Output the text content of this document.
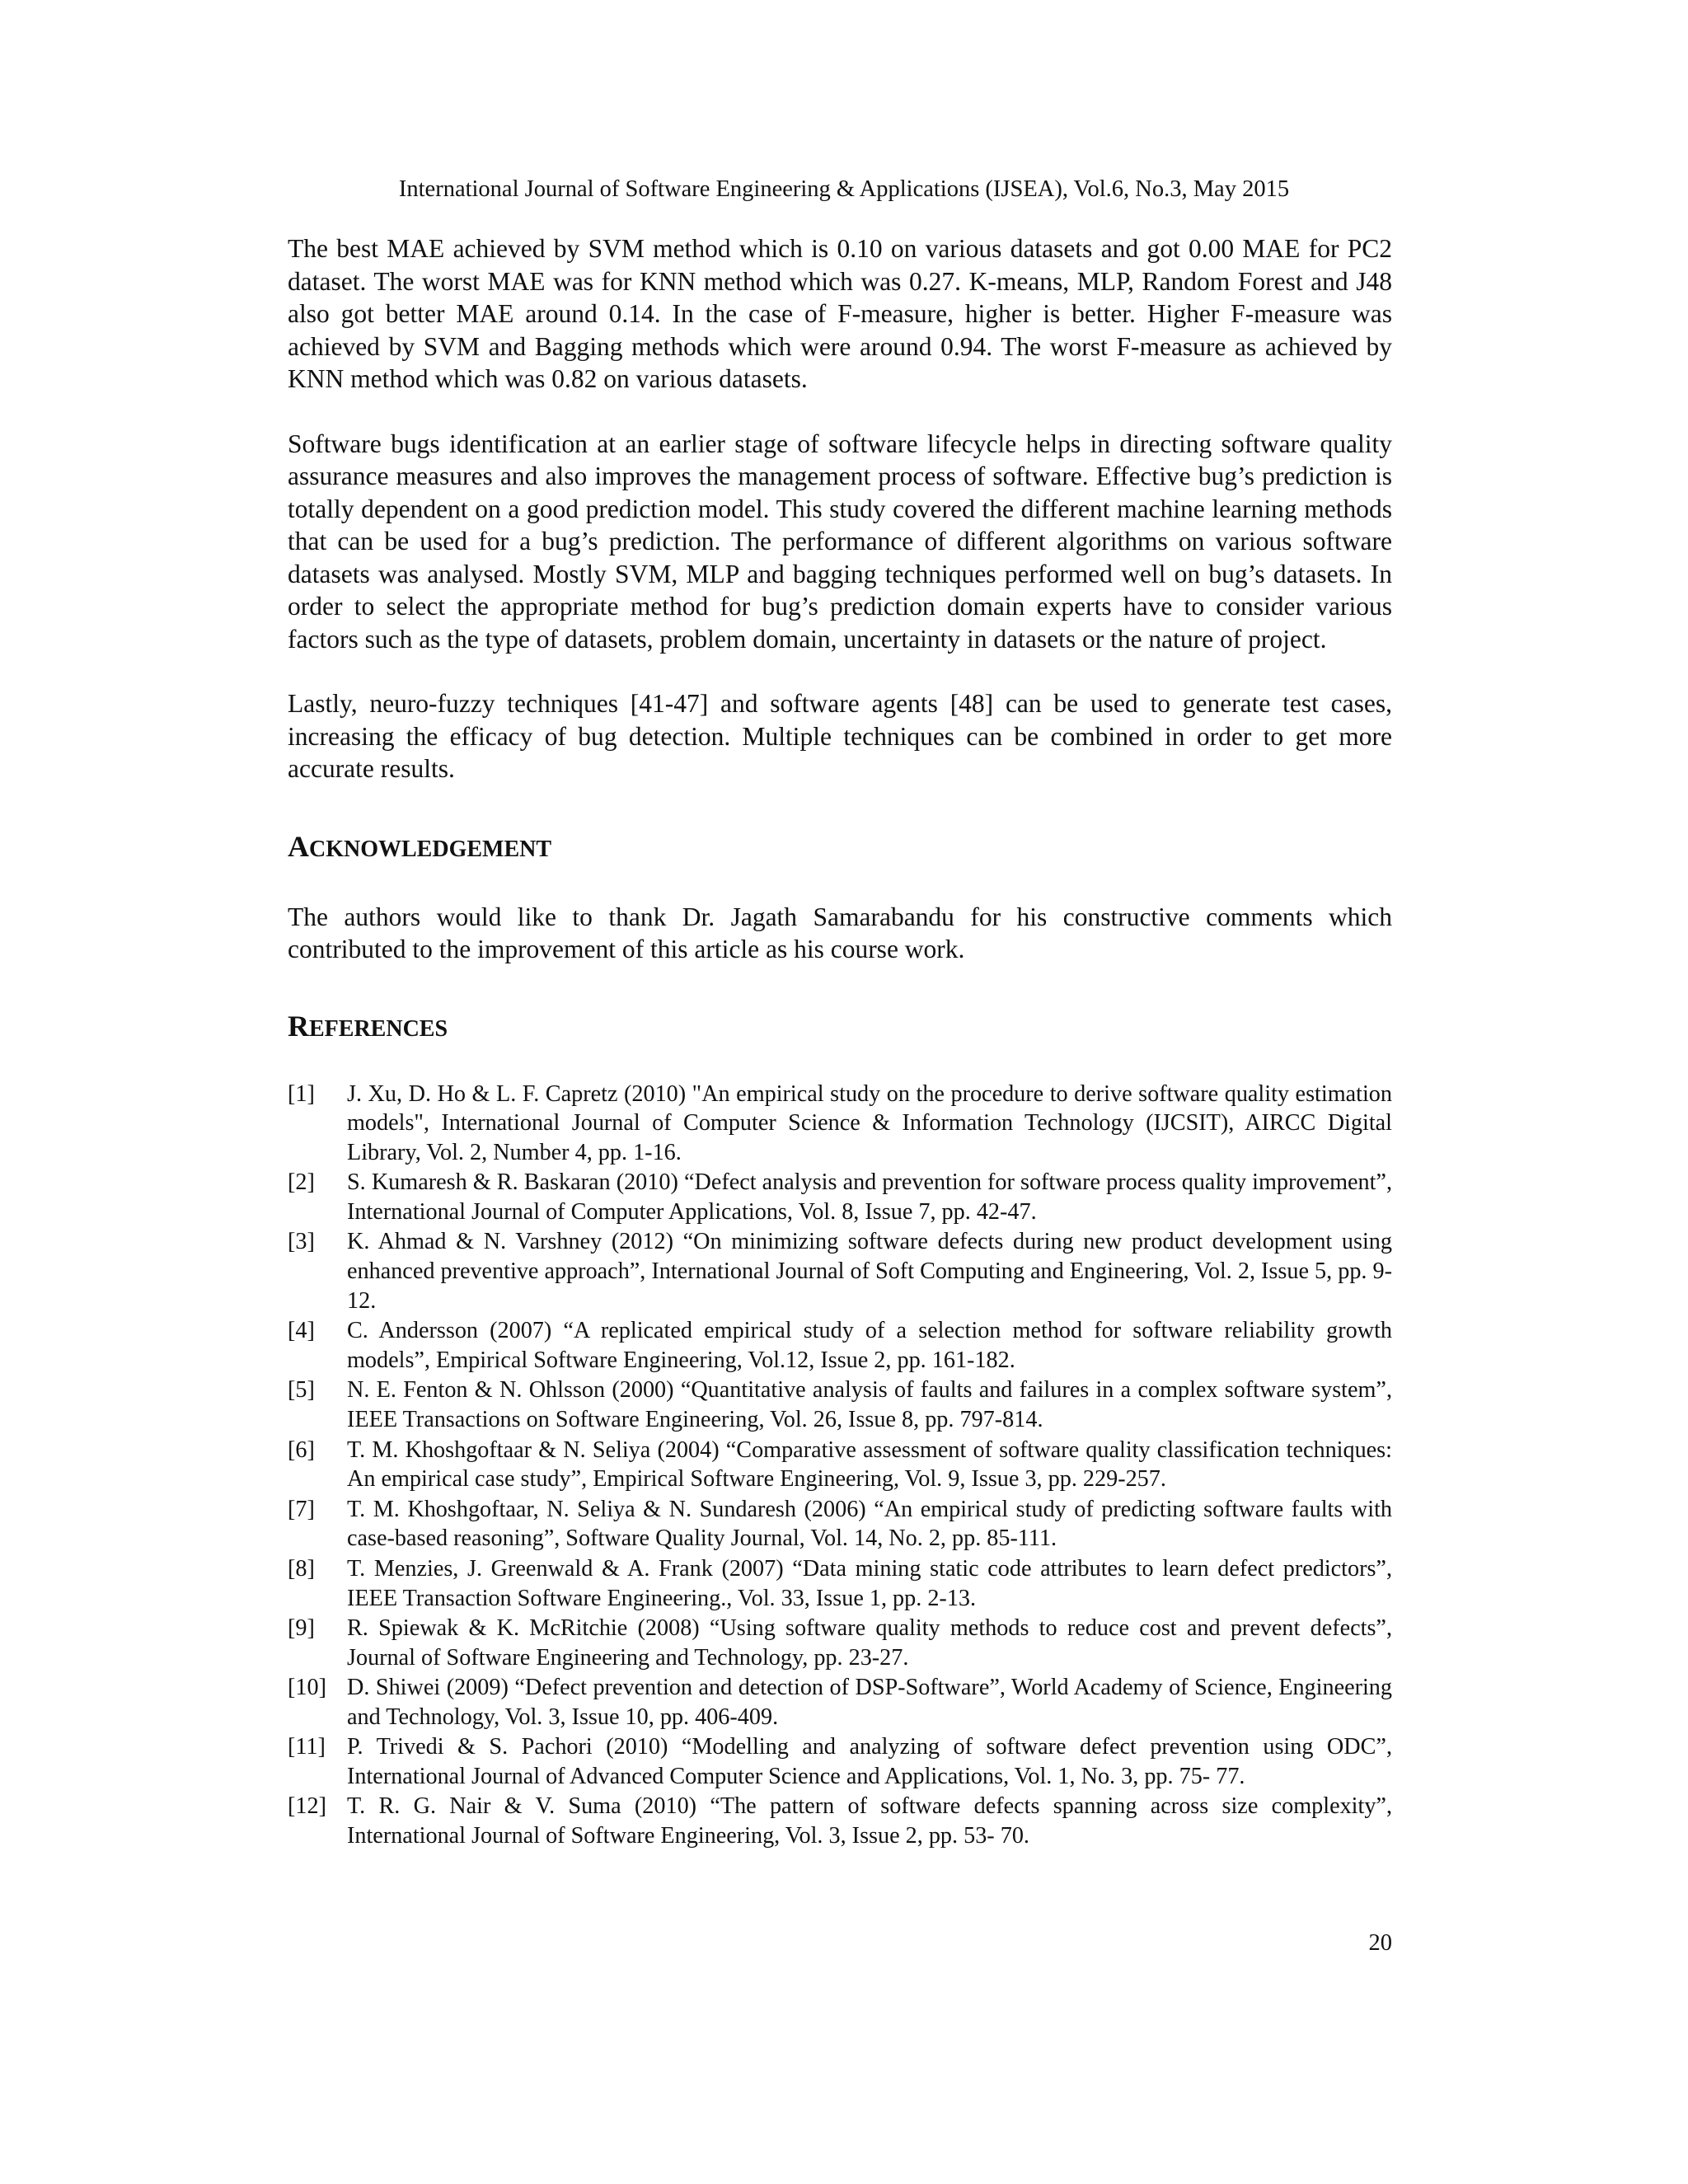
International Journal of Software Engineering & Applications (IJSEA), Vol.6, No.3, May 2015

The best MAE achieved by SVM method which is 0.10 on various datasets and got 0.00 MAE for PC2 dataset. The worst MAE was for KNN method which was 0.27. K-means, MLP, Random Forest and J48 also got better MAE around 0.14. In the case of F-measure, higher is better. Higher F-measure was achieved by SVM and Bagging methods which were around 0.94. The worst F-measure as achieved by KNN method which was 0.82 on various datasets.

Software bugs identification at an earlier stage of software lifecycle helps in directing software quality assurance measures and also improves the management process of software. Effective bug’s prediction is totally dependent on a good prediction model. This study covered the different machine learning methods that can be used for a bug’s prediction. The performance of different algorithms on various software datasets was analysed. Mostly SVM, MLP and bagging techniques performed well on bug’s datasets. In order to select the appropriate method for bug’s prediction domain experts have to consider various factors such as the type of datasets, problem domain, uncertainty in datasets or the nature of project.

Lastly, neuro-fuzzy techniques [41-47] and software agents [48] can be used to generate test cases, increasing the efficacy of bug detection. Multiple techniques can be combined in order to get more accurate results.

ACKNOWLEDGEMENT

The authors would like to thank Dr. Jagath Samarabandu for his constructive comments which contributed to the improvement of this article as his course work.

REFERENCES
[1] J. Xu, D. Ho & L. F. Capretz (2010) "An empirical study on the procedure to derive software quality estimation models", International Journal of Computer Science & Information Technology (IJCSIT), AIRCC Digital Library, Vol. 2, Number 4, pp. 1-16.
[2] S. Kumaresh & R. Baskaran (2010) “Defect analysis and prevention for software process quality improvement”, International Journal of Computer Applications, Vol. 8, Issue 7, pp. 42-47.
[3] K. Ahmad & N. Varshney (2012) “On minimizing software defects during new product development using enhanced preventive approach”, International Journal of Soft Computing and Engineering, Vol. 2, Issue 5, pp. 9-12.
[4] C. Andersson (2007) “A replicated empirical study of a selection method for software reliability growth models”, Empirical Software Engineering, Vol.12, Issue 2, pp. 161-182.
[5] N. E. Fenton & N. Ohlsson (2000) “Quantitative analysis of faults and failures in a complex software system”, IEEE Transactions on Software Engineering, Vol. 26, Issue 8, pp. 797-814.
[6] T. M. Khoshgoftaar & N. Seliya (2004) “Comparative assessment of software quality classification techniques: An empirical case study”, Empirical Software Engineering, Vol. 9, Issue 3, pp. 229-257.
[7] T. M. Khoshgoftaar, N. Seliya & N. Sundaresh (2006) “An empirical study of predicting software faults with case-based reasoning”, Software Quality Journal, Vol. 14, No. 2, pp. 85-111.
[8] T. Menzies, J. Greenwald & A. Frank (2007) “Data mining static code attributes to learn defect predictors”, IEEE Transaction Software Engineering., Vol. 33, Issue 1, pp. 2-13.
[9] R. Spiewak & K. McRitchie (2008) “Using software quality methods to reduce cost and prevent defects”, Journal of Software Engineering and Technology, pp. 23-27.
[10] D. Shiwei (2009) “Defect prevention and detection of DSP-Software”, World Academy of Science, Engineering and Technology, Vol. 3, Issue 10, pp. 406-409.
[11] P. Trivedi & S. Pachori (2010) “Modelling and analyzing of software defect prevention using ODC”, International Journal of Advanced Computer Science and Applications, Vol. 1, No. 3, pp. 75- 77.
[12] T. R. G. Nair & V. Suma (2010) “The pattern of software defects spanning across size complexity”, International Journal of Software Engineering, Vol. 3, Issue 2, pp. 53- 70.
20
